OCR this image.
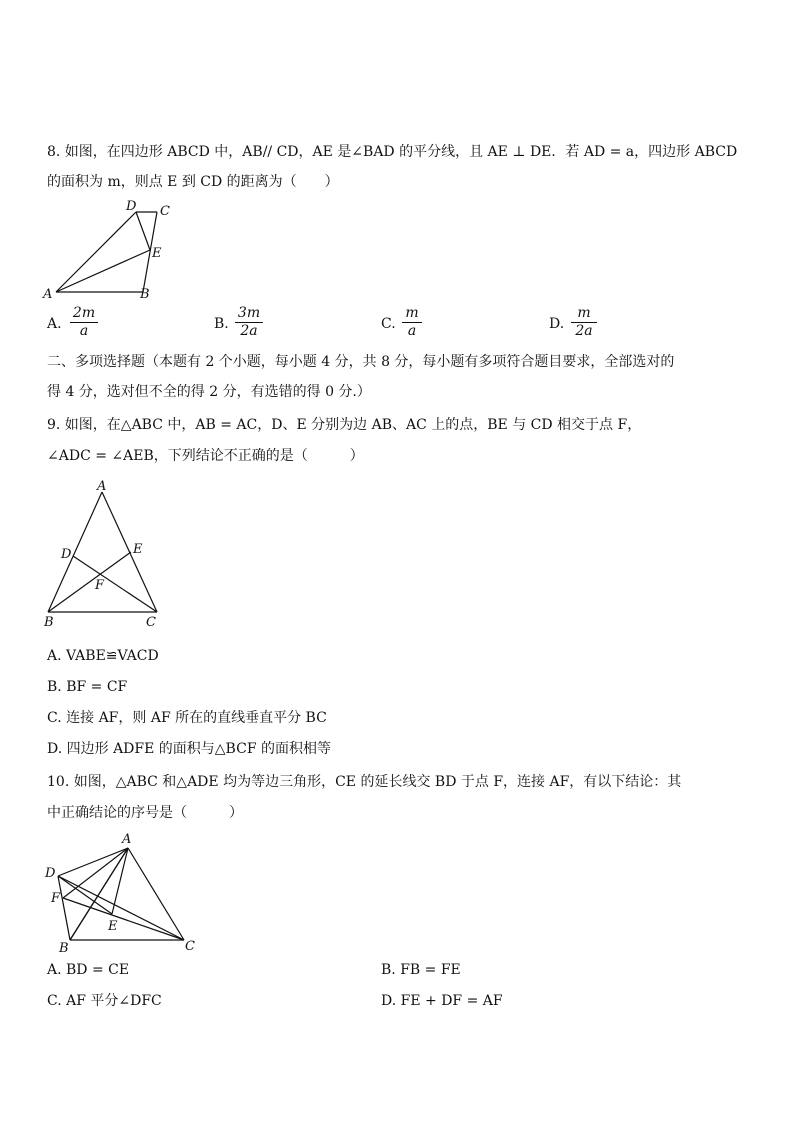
8. 如图，在四边形 ABCD 中，AB// CD，AE 是∠BAD 的平分线，且 AE ⊥ DE．若 AD = a，四边形 ABCD
的面积为 m，则点 E 到 CD 的距离为（　　）
A	B
C
D
E
A. $\frac{2m}{a}$	B. $\frac{3m}{2a}$	C. $\frac{m}{a}$	D. $\frac{m}{2a}$
二、多项选择题（本题有 2 个小题，每小题 4 分，共 8 分，每小题有多项符合题目要求，全部选对的
得 4 分，选对但不全的得 2 分，有选错的得 0 分.）
9. 如图，在△ABC 中，AB = AC，D、E 分别为边 AB、AC 上的点，BE 与 CD 相交于点 F，
∠ADC = ∠AEB，下列结论不正确的是（　　　）
A
D	E
F
B	C
A. VABE≌VACD
B. BF = CF
C. 连接 AF，则 AF 所在的直线垂直平分 BC
D. 四边形 ADFE 的面积与△BCF 的面积相等
10. 如图，△ABC 和△ADE 均为等边三角形，CE 的延长线交 BD 于点 F，连接 AF，有以下结论：其
中正确结论的序号是（　　　）
A
D
F
E
B	C
A. BD = CE	B. FB = FE
C. AF 平分∠DFC	D. FE + DF = AF
